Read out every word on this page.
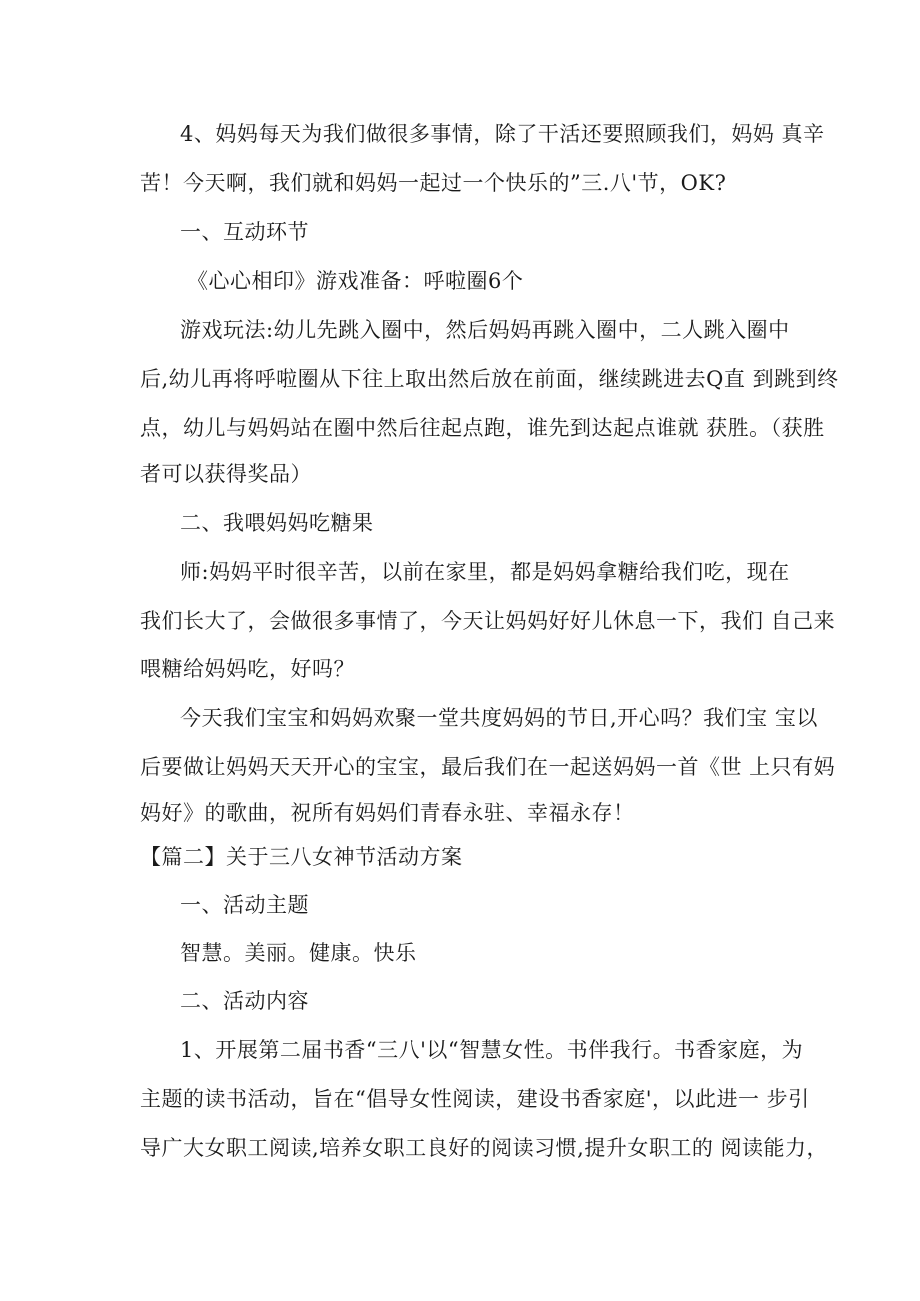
4、妈妈每天为我们做很多事情，除了干活还要照顾我们，妈妈 真辛
苦！今天啊，我们就和妈妈一起过一个快乐的”三.八'节，OK?
一、互动环节
《心心相印》游戏准备：呼啦圈6个
游戏玩法:幼儿先跳入圈中，然后妈妈再跳入圈中，二人跳入圈 中
后,幼儿再将呼啦圈从下往上取出然后放在前面，继续跳进去Q直 到跳到终
点，幼儿与妈妈站在圈中然后往起点跑，谁先到达起点谁就 获胜。（获胜
者可以获得奖品）
二、我喂妈妈吃糖果
师:妈妈平时很辛苦，以前在家里，都是妈妈拿糖给我们吃，现 在
我们长大了，会做很多事情了，今天让妈妈好好儿休息一下，我们 自己来
喂糖给妈妈吃，好吗？
今天我们宝宝和妈妈欢聚一堂共度妈妈的节日,开心吗？我们宝 宝以
后要做让妈妈天天开心的宝宝，最后我们在一起送妈妈一首《世 上只有妈
妈好》的歌曲，祝所有妈妈们青春永驻、幸福永存！
【篇二】关于三八女神节活动方案
一、活动主题
智慧。美丽。健康。快乐
二、活动内容
1、开展第二届书香“三八'以“智慧女性。书伴我行。书香家庭，为
主题的读书活动，旨在“倡导女性阅读，建设书香家庭'，以此进一 步引
导广大女职工阅读,培养女职工良好的阅读习惯,提升女职工的 阅读能力，
